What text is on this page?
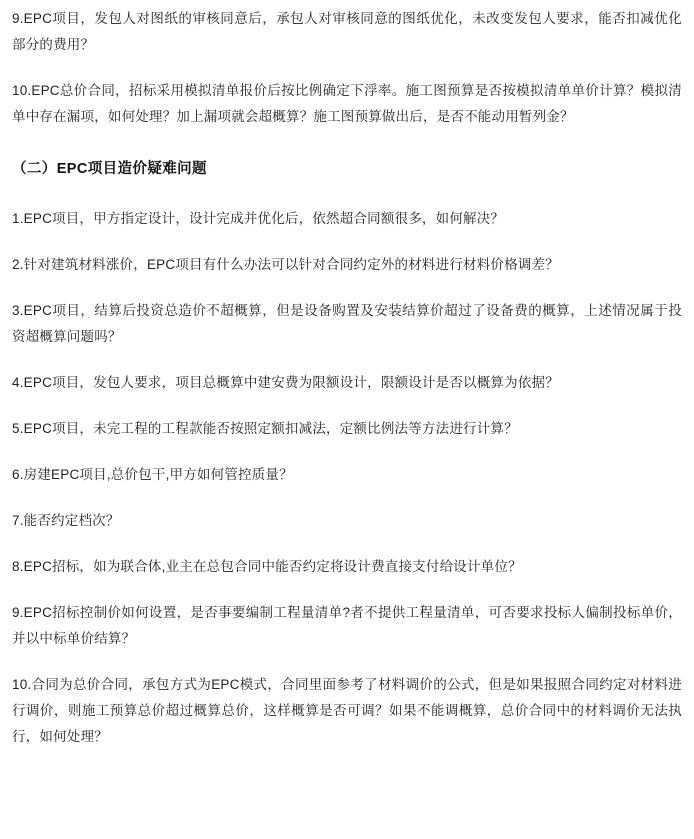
9.EPC项目，发包人对图纸的审核同意后，承包人对审核同意的图纸优化，未改变发包人要求，能否扣减优化部分的费用？

10.EPC总价合同，招标采用模拟清单报价后按比例确定下浮率。施工图预算是否按模拟清单单价计算？模拟清单中存在漏项，如何处理？加上漏项就会超概算？施工图预算做出后，是否不能动用暂列金？

（二）EPC项目造价疑难问题

1.EPC项目，甲方指定设计，设计完成并优化后，依然超合同额很多，如何解决？

2.针对建筑材料涨价，EPC项目有什么办法可以针对合同约定外的材料进行材料价格调差？

3.EPC项目，结算后投资总造价不超概算，但是设备购置及安装结算价超过了设备费的概算，上述情况属于投资超概算问题吗？

4.EPC项目，发包人要求，项目总概算中建安费为限额设计，限额设计是否以概算为依据？

5.EPC项目，未完工程的工程款能否按照定额扣减法，定额比例法等方法进行计算？

6.房建EPC项目,总价包干,甲方如何管控质量？

7.能否约定档次？

8.EPC招标，如为联合体,业主在总包合同中能否约定将设计费直接支付给设计单位？

9.EPC招标控制价如何设置，是否事要编制工程量清单?者不提供工程量清单，可否要求投标人偏制投标单价，并以中标单价结算？

10.合同为总价合同，承包方式为EPC模式，合同里面参考了材料调价的公式，但是如果报照合同约定对材料进行调价，则施工预算总价超过概算总价，这样概算是否可调？如果不能调概算，总价合同中的材料调价无法执行，如何处理？
